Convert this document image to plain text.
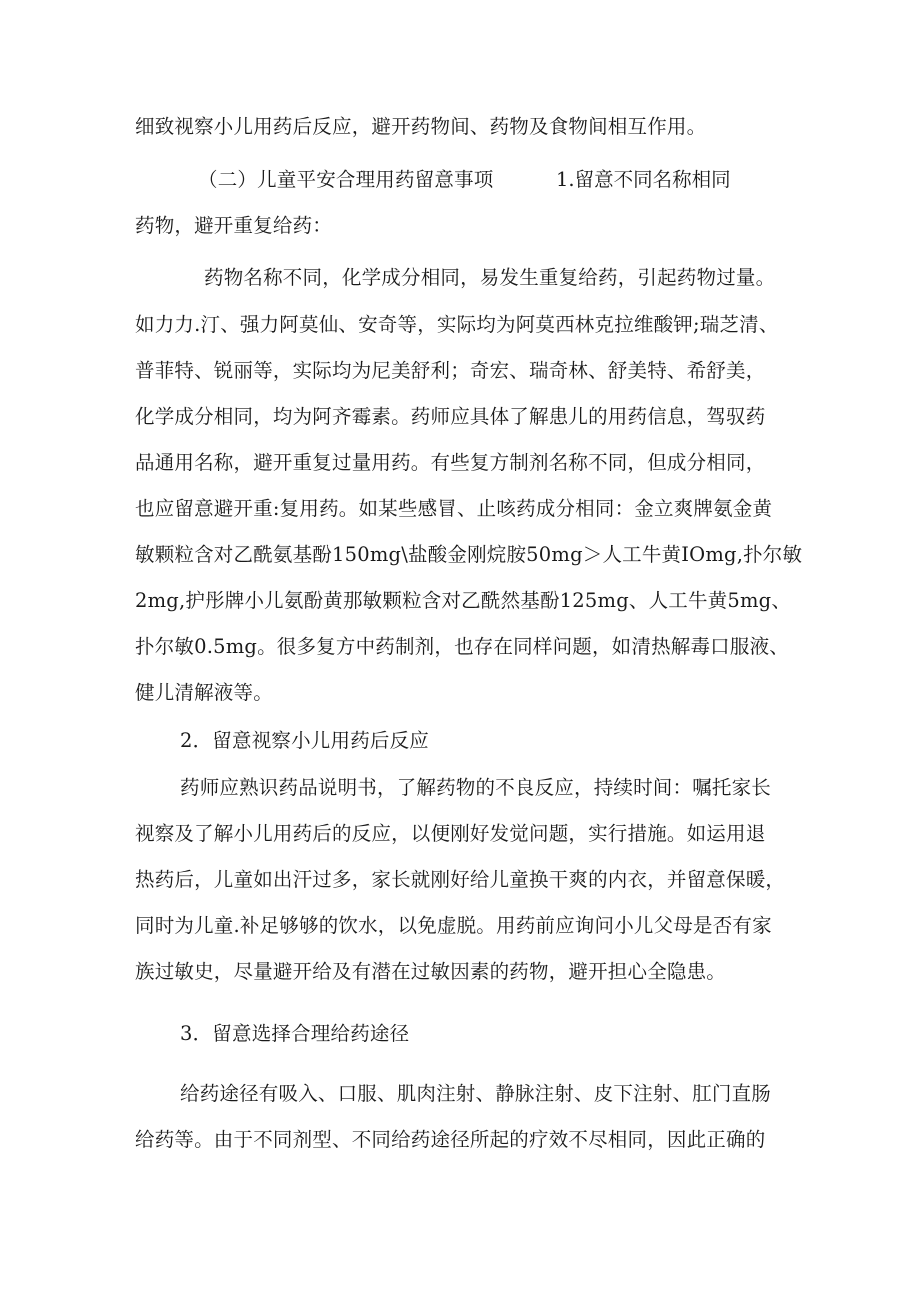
细致视察小儿用药后反应，避开药物间、药物及食物间相互作用。
（二）儿童平安合理用药留意事项	1.留意不同名称相同
药物，避开重复给药：
药物名称不同，化学成分相同，易发生重复给药，引起药物过量。
如力力.汀、强力阿莫仙、安奇等，实际均为阿莫西林克拉维酸钾;瑞芝清、
普菲特、锐丽等，实际均为尼美舒利；奇宏、瑞奇林、舒美特、希舒美，
化学成分相同，均为阿齐霉素。药师应具体了解患儿的用药信息，驾驭药
品通用名称，避开重复过量用药。有些复方制剂名称不同，但成分相同，
也应留意避开重:复用药。如某些感冒、止咳药成分相同：金立爽牌氨金黄
敏颗粒含对乙酰氨基酚150mg\盐酸金刚烷胺50mg＞人工牛黄IOmg,扑尔敏
2mg,护彤牌小儿氨酚黄那敏颗粒含对乙酰然基酚125mg、人工牛黄5mg、
扑尔敏0.5mg。很多复方中药制剂，也存在同样问题，如清热解毒口服液、
健儿清解液等。
2．留意视察小儿用药后反应
药师应熟识药品说明书，了解药物的不良反应，持续时间：嘱托家长
视察及了解小儿用药后的反应，以便刚好发觉问题，实行措施。如运用退
热药后，儿童如出汗过多，家长就刚好给儿童换干爽的内衣，并留意保暖，
同时为儿童.补足够够的饮水，以免虚脱。用药前应询问小儿父母是否有家
族过敏史，尽量避开给及有潜在过敏因素的药物，避开担心全隐患。
3．留意选择合理给药途径
给药途径有吸入、口服、肌肉注射、静脉注射、皮下注射、肛门直肠
给药等。由于不同剂型、不同给药途径所起的疗效不尽相同，因此正确的
